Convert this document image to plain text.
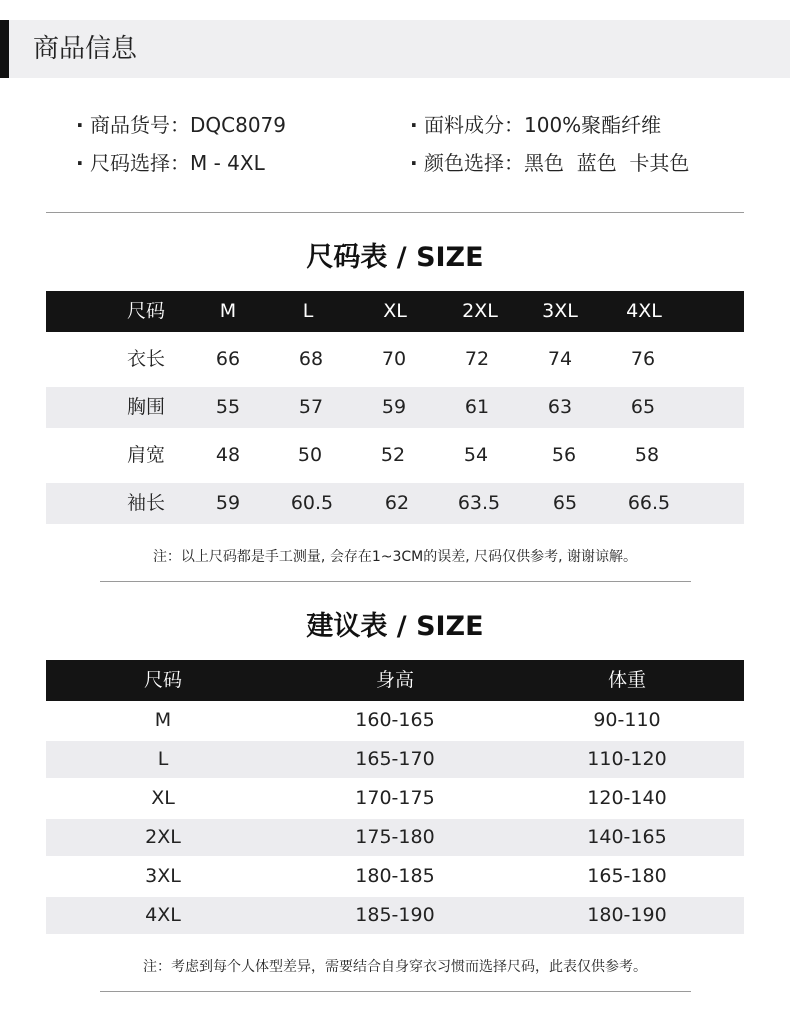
商品信息
· 商品货号：DQC8079	· 面料成分：100%聚酯纤维
· 尺码选择：M - 4XL	· 颜色选择：黑色  蓝色  卡其色
尺码表 / SIZE
尺码	M	L	XL	2XL	3XL	4XL
衣长	66	68	70	72	74	76
胸围	55	57	59	61	63	65
肩宽	48	50	52	54	56	58
袖长	59	60.5	62	63.5	65	66.5
注：以上尺码都是手工测量, 会存在1~3CM的误差, 尺码仅供参考, 谢谢谅解。
建议表 / SIZE
尺码	身高	体重
M	160-165	90-110
L	165-170	110-120
XL	170-175	120-140
2XL	175-180	140-165
3XL	180-185	165-180
4XL	185-190	180-190
注：考虑到每个人体型差异，需要结合自身穿衣习惯而选择尺码，此表仅供参考。
